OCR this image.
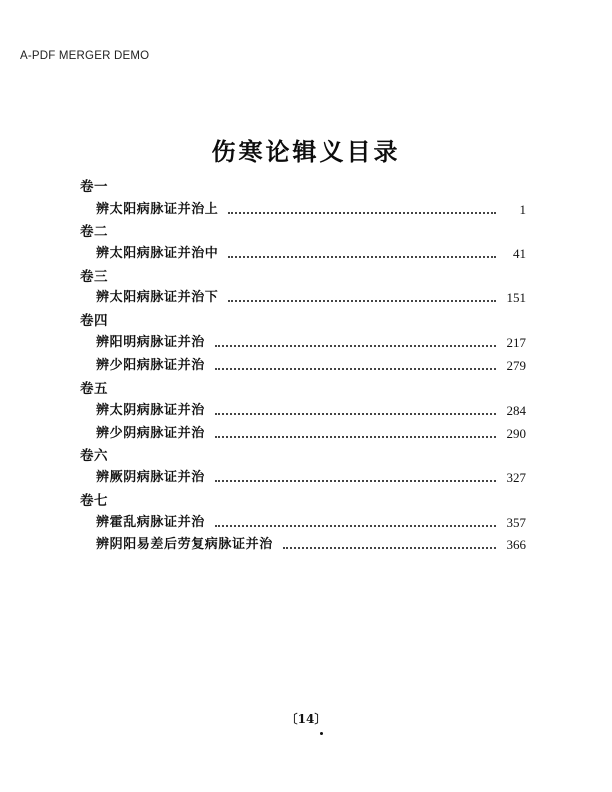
A-PDF MERGER DEMO
伤寒论辑义目录
卷一
辨太阳病脉证并治上	1
卷二
辨太阳病脉证并治中	41
卷三
辨太阳病脉证并治下	151
卷四
辨阳明病脉证并治	217
辨少阳病脉证并治	279
卷五
辨太阴病脉证并治	284
辨少阴病脉证并治	290
卷六
辨厥阴病脉证并治	327
卷七
辨霍乱病脉证并治	357
辨阴阳易差后劳复病脉证并治	366
〔14〕
